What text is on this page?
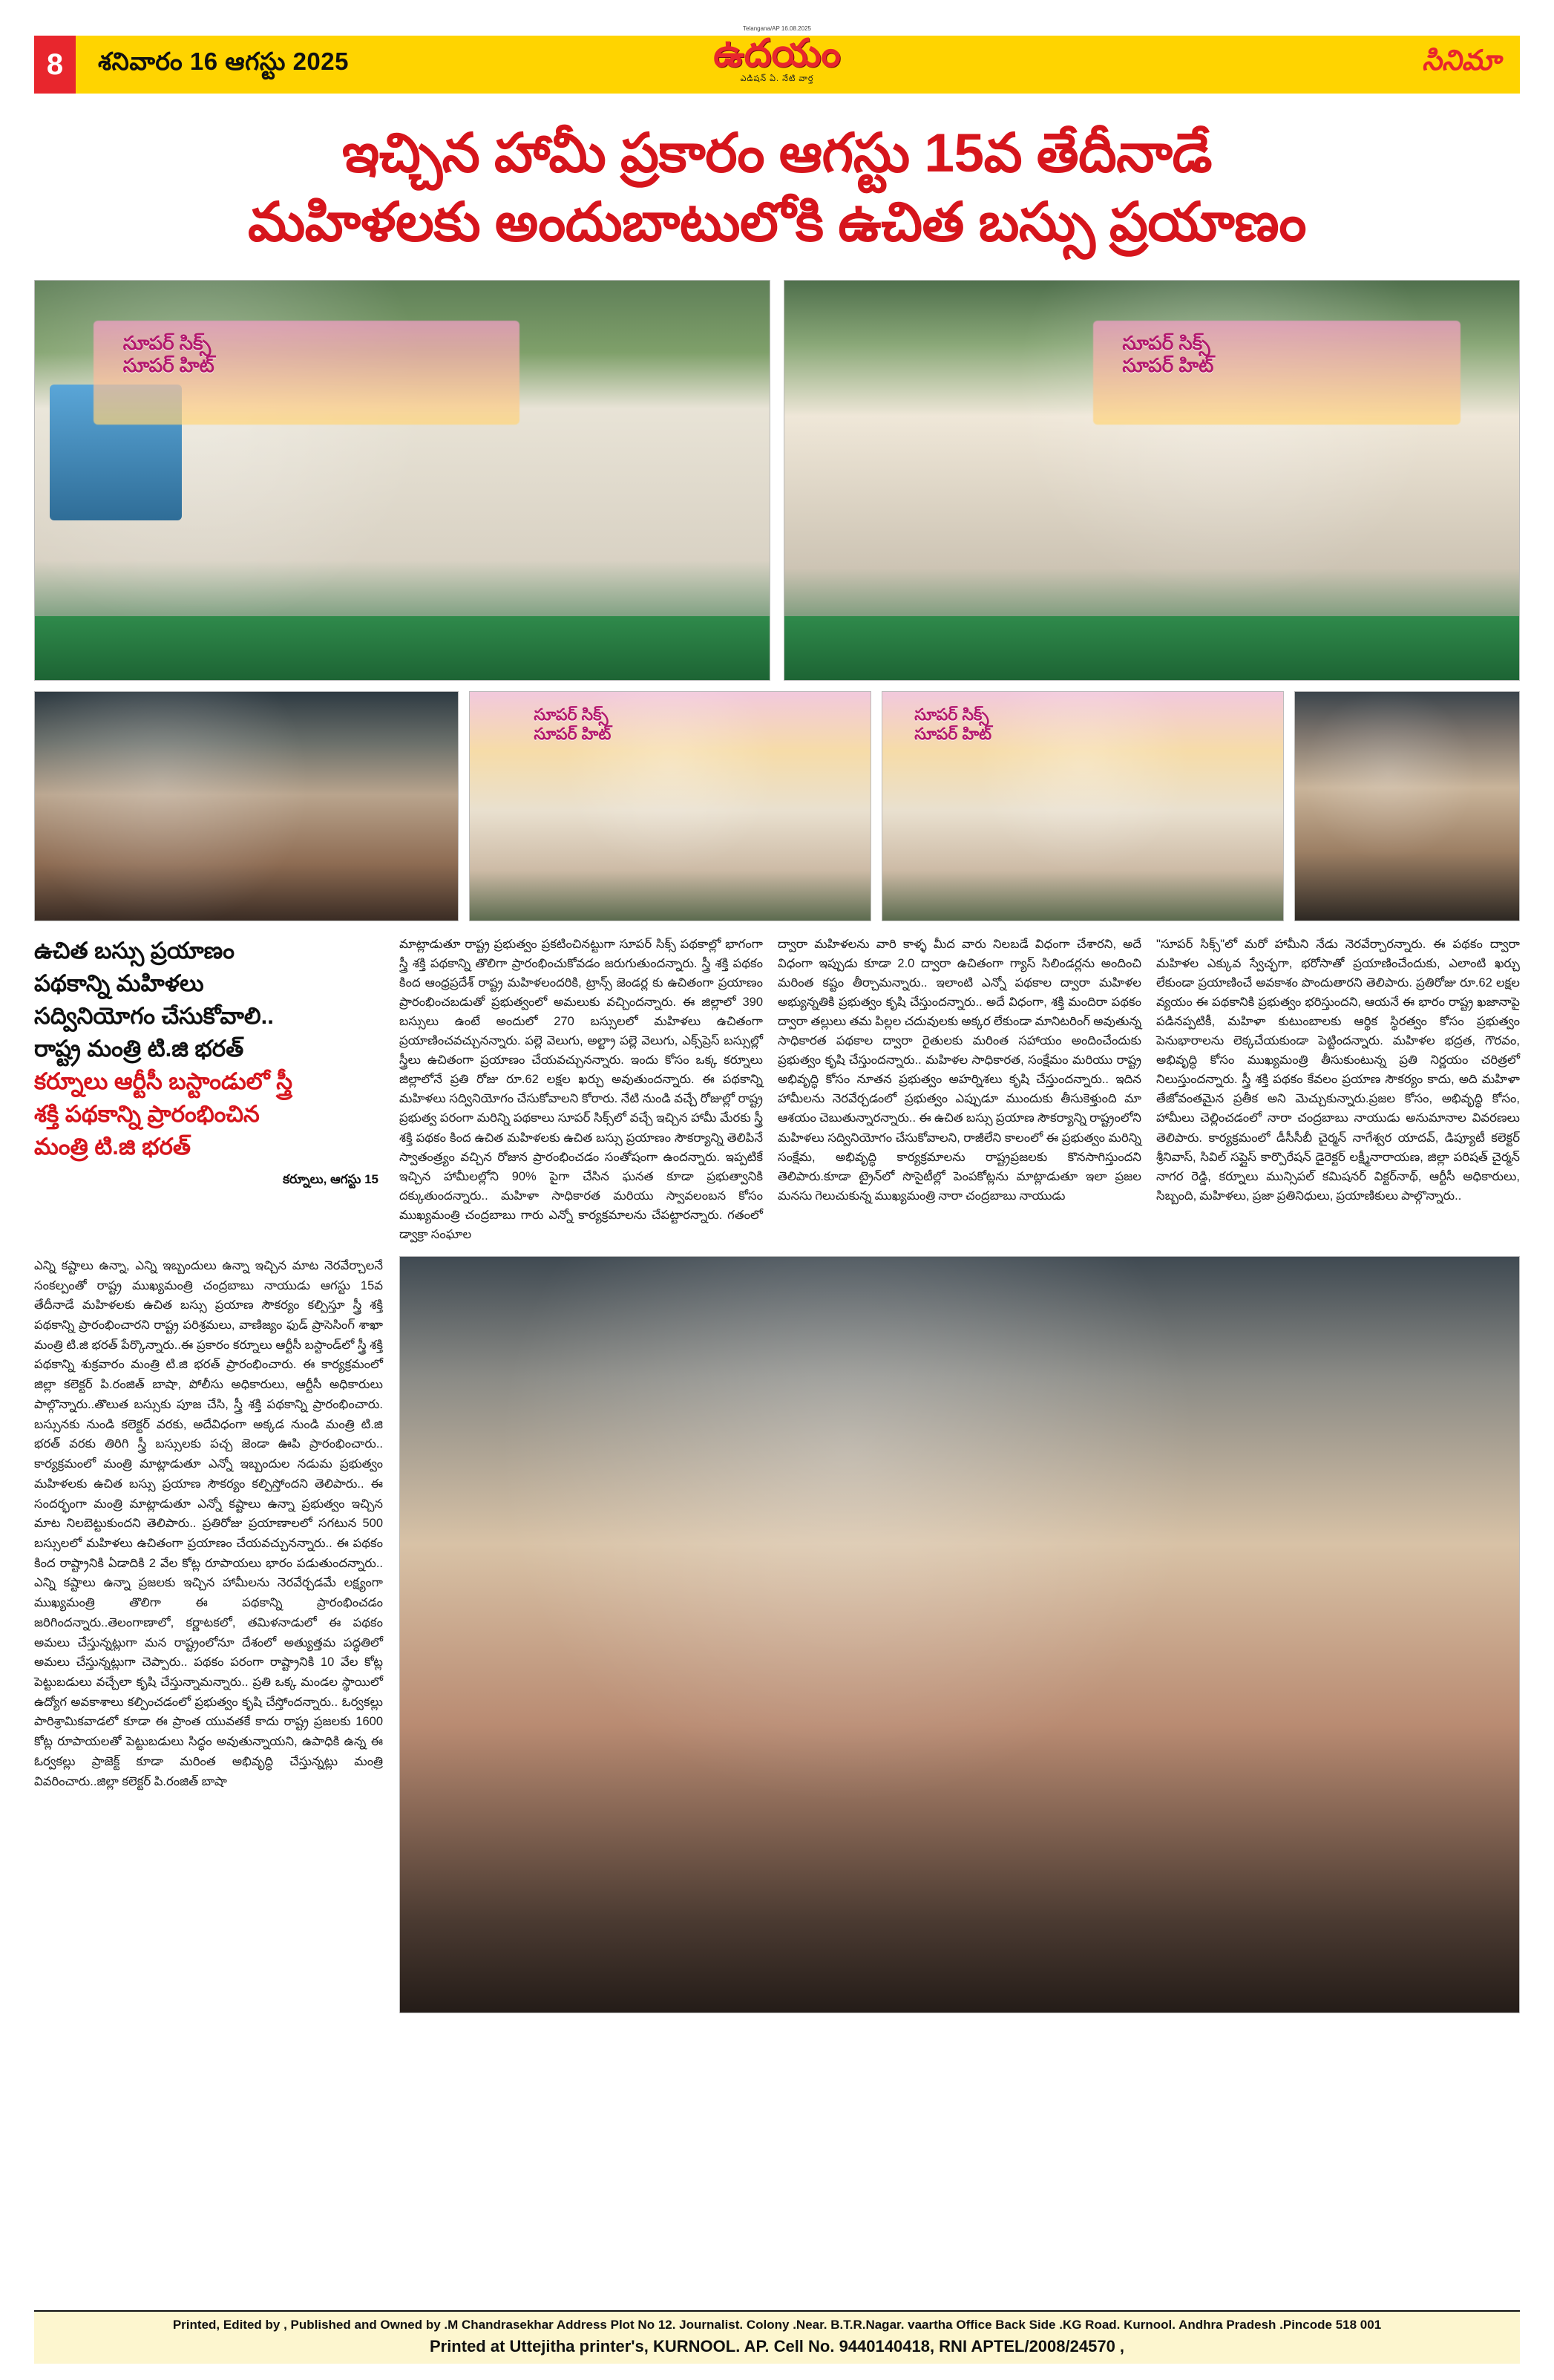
8	శనివారం 16 ఆగస్టు 2025
Telangana/AP 16.08.2025
ఉదయం
ఎడిషన్ ఏ. నేటి వార్త
సినిమా
ఇచ్చిన హామీ ప్రకారం ఆగస్టు 15వ తేదీనాడే
మహిళలకు అందుబాటులోకి ఉచిత బస్సు ప్రయాణం
సూపర్ సిక్స్
సూపర్ హిట్
సూపర్ సిక్స్
సూపర్ హిట్
సూపర్ సిక్స్
సూపర్ హిట్
సూపర్ సిక్స్
సూపర్ హిట్
ఉచిత బస్సు ప్రయాణం
పథకాన్ని మహిళలు
సద్వినియోగం చేసుకోవాలి..
రాష్ట్ర మంత్రి టి.జి భరత్
కర్నూలు ఆర్టీసీ బస్టాండులో స్త్రీ
శక్తి పథకాన్ని ప్రారంభించిన
మంత్రి టి.జి భరత్
కర్నూలు, ఆగస్టు 15
మాట్లాడుతూ రాష్ట్ర ప్రభుత్వం ప్రకటించినట్టుగా సూపర్ సిక్స్ పథకాల్లో భాగంగా స్త్రీ శక్తి పథకాన్ని తొలిగా ప్రారంభించుకోవడం జరుగుతుందన్నారు. స్త్రీ శక్తి పథకం కింద ఆంధ్రప్రదేశ్ రాష్ట్ర మహిళలందరికి, ట్రాన్స్ జెండర్ల కు ఉచితంగా ప్రయాణం ప్రారంభించబడుతో ప్రభుత్వంలో అమలుకు వచ్చిందన్నారు. ఈ జిల్లాలో 390 బస్సులు ఉంటే అందులో 270 బస్సులలో మహిళలు ఉచితంగా ప్రయాణించవచ్చునన్నారు. పల్లె వెలుగు, అల్ట్రా పల్లె వెలుగు, ఎక్స్‌ప్రెస్ బస్సుల్లో స్త్రీలు ఉచితంగా ప్రయాణం చేయవచ్చునన్నారు. ఇందు కోసం ఒక్క కర్నూలు జిల్లాలోనే ప్రతి రోజు రూ.62 లక్షల ఖర్చు అవుతుందన్నారు. ఈ పథకాన్ని మహిళలు సద్వినియోగం చేసుకోవాలని కోరారు. నేటి నుండి వచ్చే రోజుల్లో రాష్ట్ర ప్రభుత్వ పరంగా మరిన్ని పథకాలు సూపర్ సిక్స్‌లో వచ్చే ఇచ్చిన హామీ మేరకు స్త్రీ శక్తి పథకం కింద ఉచిత మహిళలకు ఉచిత బస్సు ప్రయాణం సౌకర్యాన్ని తెలిపినే స్వాతంత్ర్యం వచ్చిన రోజున ప్రారంభించడం సంతోషంగా ఉందన్నారు. ఇప్పటికే ఇచ్చిన హామీలల్లోని 90% పైగా చేసిన ఘనత కూడా ప్రభుత్వానికి దక్కుతుందన్నారు.. మహిళా సాధికారత మరియు స్వావలంబన కోసం ముఖ్యమంత్రి చంద్రబాబు గారు ఎన్నో కార్యక్రమాలను చేపట్టారన్నారు. గతంలో డ్వాక్రా సంఘాల
ద్వారా మహిళలను వారి కాళ్ళ మీద వారు నిలబడే విధంగా చేశారని, అదే విధంగా ఇప్పుడు కూడా 2.0 ద్వారా ఉచితంగా గ్యాస్ సిలిండర్లను అందించి మరింత కష్టం తీర్చామన్నారు.. ఇలాంటి ఎన్నో పథకాల ద్వారా మహిళల అభ్యున్నతికి ప్రభుత్వం కృషి చేస్తుందన్నారు.. అదే విధంగా, శక్తి మందిరా పథకం ద్వారా తల్లులు తమ పిల్లల చదువులకు అక్కర లేకుండా మానిటరింగ్ అవుతున్న సాధికారత పథకాల ద్వారా రైతులకు మరింత సహాయం అందించేందుకు ప్రభుత్వం కృషి చేస్తుందన్నారు.. మహిళల సాధికారత, సంక్షేమం మరియు రాష్ట్ర అభివృద్ధి కోసం నూతన ప్రభుత్వం అహర్నిశలు కృషి చేస్తుందన్నారు.. ఇదిన హామీలను నెరవేర్చడంలో ప్రభుత్వం ఎప్పుడూ ముందుకు తీసుకెళ్తుంది మా ఆశయం చెబుతున్నారన్నారు.. ఈ ఉచిత బస్సు ప్రయాణ సౌకర్యాన్ని రాష్ట్రంలోని మహిళలు సద్వినియోగం చేసుకోవాలని, రాజీలేని కాలంలో ఈ ప్రభుత్వం మరిన్ని సంక్షేమ, అభివృద్ధి కార్యక్రమాలను రాష్ట్రప్రజలకు కొనసాగిస్తుందని తెలిపారు.కూడా ట్రైన్‌లో సొసైటీల్లో పెంపకోట్లను మాట్లాడుతూ ఇలా ప్రజల మనసు గెలుచుకున్న ముఖ్యమంత్రి నారా చంద్రబాబు నాయుడు
"సూపర్ సిక్స్"లో మరో హామీని నేడు నెరవేర్చారన్నారు. ఈ పథకం ద్వారా మహిళల ఎక్కువ స్వేచ్ఛగా, భరోసాతో ప్రయాణించేందుకు, ఎలాంటి ఖర్చు లేకుండా ప్రయాణించే అవకాశం పొందుతారని తెలిపారు. ప్రతిరోజు రూ.62 లక్షల వ్యయం ఈ పథకానికి ప్రభుత్వం భరిస్తుందని, ఆయనే ఈ భారం రాష్ట్ర ఖజానాపై పడినప్పటికీ, మహిళా కుటుంబాలకు ఆర్థిక స్థిరత్వం కోసం ప్రభుత్వం పెనుభారాలను లెక్కచేయకుండా పెట్టిందన్నారు. మహిళల భద్రత, గౌరవం, అభివృద్ధి కోసం ముఖ్యమంత్రి తీసుకుంటున్న ప్రతి నిర్ణయం చరిత్రలో నిలుస్తుందన్నారు. స్త్రీ శక్తి పథకం కేవలం ప్రయాణ సౌకర్యం కాదు, అది మహిళా తేజోవంతమైన ప్రతీక అని మెచ్చుకున్నారు.ప్రజల కోసం, అభివృద్ధి కోసం, హామీలు చెల్లించడంలో నారా చంద్రబాబు నాయుడు అనుమానాల వివరణలు తెలిపారు. కార్యక్రమంలో డీసీసీబీ చైర్మన్ నాగేశ్వర యాదవ్, డిప్యూటీ కలెక్టర్ శ్రీనివాస్, సివిల్ సప్లైస్ కార్పొరేషన్ డైరెక్టర్ లక్ష్మీనారాయణ, జిల్లా పరిషత్ చైర్మన్ నాగర రెడ్డి, కర్నూలు మున్సిపల్ కమిషనర్ విక్టర్‌నాథ్, ఆర్టీసీ అధికారులు, సిబ్బంది, మహిళలు, ప్రజా ప్రతినిధులు, ప్రయాణికులు పాల్గొన్నారు..
ఎన్ని కష్టాలు ఉన్నా, ఎన్ని ఇబ్బందులు ఉన్నా ఇచ్చిన మాట నెరవేర్చాలనే సంకల్పంతో రాష్ట్ర ముఖ్యమంత్రి చంద్రబాబు నాయుడు ఆగస్టు 15వ తేదీనాడే మహిళలకు ఉచిత బస్సు ప్రయాణ సౌకర్యం కల్పిస్తూ స్త్రీ శక్తి పథకాన్ని ప్రారంభించారని రాష్ట్ర పరిశ్రమలు, వాణిజ్యం ఫుడ్ ప్రాసెసింగ్ శాఖా మంత్రి టి.జి భరత్ పేర్కొన్నారు..ఈ ప్రకారం కర్నూలు ఆర్టీసీ బస్టాండ్‌లో స్త్రీ శక్తి పథకాన్ని శుక్రవారం మంత్రి టి.జి భరత్ ప్రారంభించారు. ఈ కార్యక్రమంలో జిల్లా కలెక్టర్ పి.రంజిత్ బాషా, పోలీసు అధికారులు, ఆర్టీసీ అధికారులు పాల్గొన్నారు..తొలుత బస్సుకు పూజ చేసి, స్త్రీ శక్తి పథకాన్ని ప్రారంభించారు. బస్సునకు నుండి కలెక్టర్ వరకు, అదేవిధంగా అక్కడ నుండి మంత్రి టి.జి భరత్ వరకు తిరిగి స్త్రీ బస్సులకు పచ్చ జెండా ఊపి ప్రారంభించారు.. కార్యక్రమంలో మంత్రి మాట్లాడుతూ ఎన్నో ఇబ్బందుల నడుమ ప్రభుత్వం మహిళలకు ఉచిత బస్సు ప్రయాణ సౌకర్యం కల్పిస్తోందని తెలిపారు.. ఈ సందర్భంగా మంత్రి మాట్లాడుతూ ఎన్నో కష్టాలు ఉన్నా ప్రభుత్వం ఇచ్చిన మాట నిలబెట్టుకుందని తెలిపారు.. ప్రతిరోజు ప్రయాణాలలో సగటున 500 బస్సులలో మహిళలు ఉచితంగా ప్రయాణం చేయవచ్చునన్నారు.. ఈ పథకం కింద రాష్ట్రానికి ఏడాదికి 2 వేల కోట్ల రూపాయలు భారం పడుతుందన్నారు.. ఎన్ని కష్టాలు ఉన్నా ప్రజలకు ఇచ్చిన హామీలను నెరవేర్చడమే లక్ష్యంగా ముఖ్యమంత్రి తొలిగా ఈ పథకాన్ని ప్రారంభించడం జరిగిందన్నారు..తెలంగాణాలో, కర్ణాటకలో, తమిళనాడులో ఈ పథకం అమలు చేస్తున్నట్లుగా మన రాష్ట్రంలోనూ దేశంలో అత్యుత్తమ పద్ధతిలో అమలు చేస్తున్నట్లుగా చెప్పారు.. పథకం పరంగా రాష్ట్రానికి 10 వేల కోట్ల పెట్టుబడులు వచ్చేలా కృషి చేస్తున్నామన్నారు.. ప్రతి ఒక్క మండల స్థాయిలో ఉద్యోగ అవకాశాలు కల్పించడంలో ప్రభుత్వం కృషి చేస్తోందన్నారు.. ఓర్వకల్లు పారిశ్రామికవాడలో కూడా ఈ ప్రాంత యువతకే కాదు రాష్ట్ర ప్రజలకు 1600 కోట్ల రూపాయలతో పెట్టుబడులు సిద్ధం అవుతున్నాయని, ఉపాధికి ఉన్న ఈ ఓర్వకల్లు ప్రాజెక్ట్ కూడా మరింత అభివృద్ధి చేస్తున్నట్లు మంత్రి వివరించారు..జిల్లా కలెక్టర్ పి.రంజిత్ బాషా
Printed, Edited by , Published and Owned by .M Chandrasekhar Address Plot No 12. Journalist. Colony .Near. B.T.R.Nagar. vaartha Office Back Side .KG Road. Kurnool. Andhra Pradesh .Pincode 518 001
Printed at Uttejitha printer's, KURNOOL. AP. Cell No. 9440140418, RNI APTEL/2008/24570 ,
